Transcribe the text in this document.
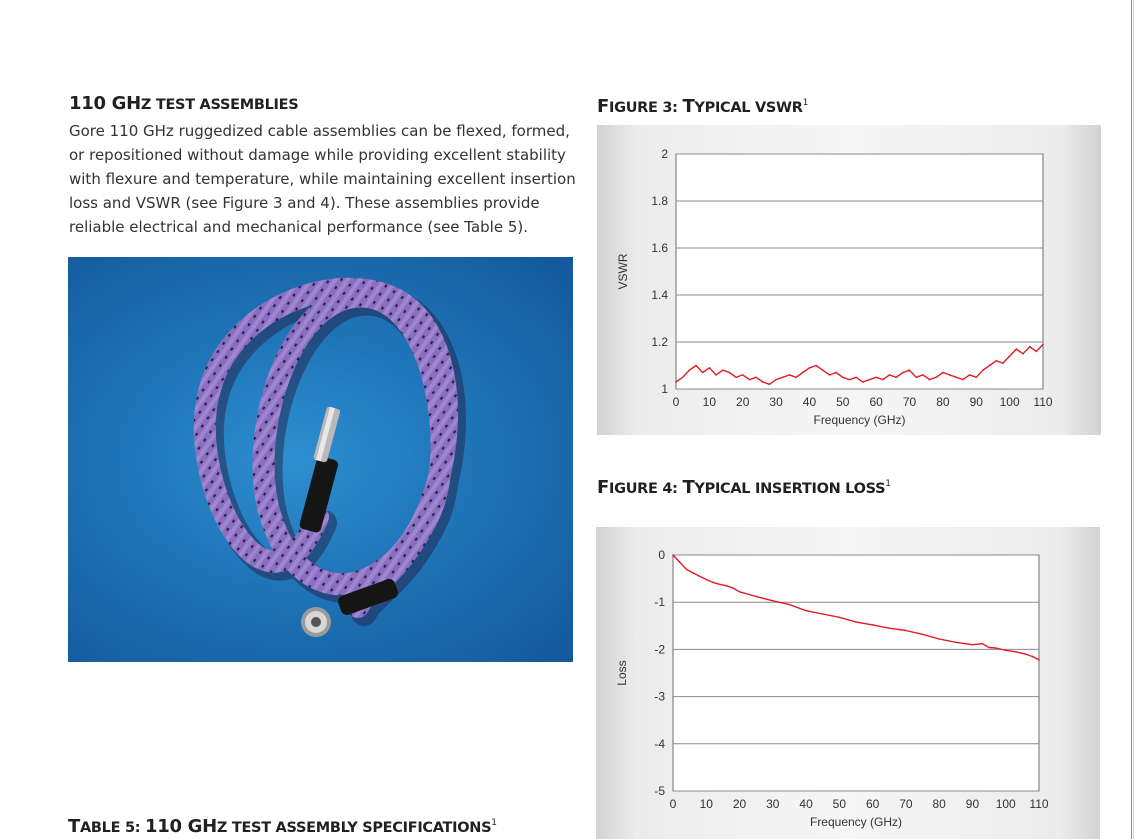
110 GHZ TEST ASSEMBLIES

Gore 110 GHz ruggedized cable assemblies can be flexed, formed, or repositioned without damage while providing excellent stability with flexure and temperature, while maintaining excellent insertion loss and VSWR (see Figure 3 and 4). These assemblies provide reliable electrical and mechanical performance (see Table 5).

FIGURE 3: TYPICAL VSWR$^1$
1
1.2
1.4
1.6
1.8
2
0 10 20 30 40 50 60 70 80 90 100 110
Frequency (GHz)
VSWR
FIGURE 4: TYPICAL INSERTION LOSS$^1$
0
-1
-2
-3
-4
-5
0 10 20 30 40 50 60 70 80 90 100 110
Frequency (GHz)
Loss
TABLE 5: 110 GHZ TEST ASSEMBLY SPECIFICATIONS$^1$
